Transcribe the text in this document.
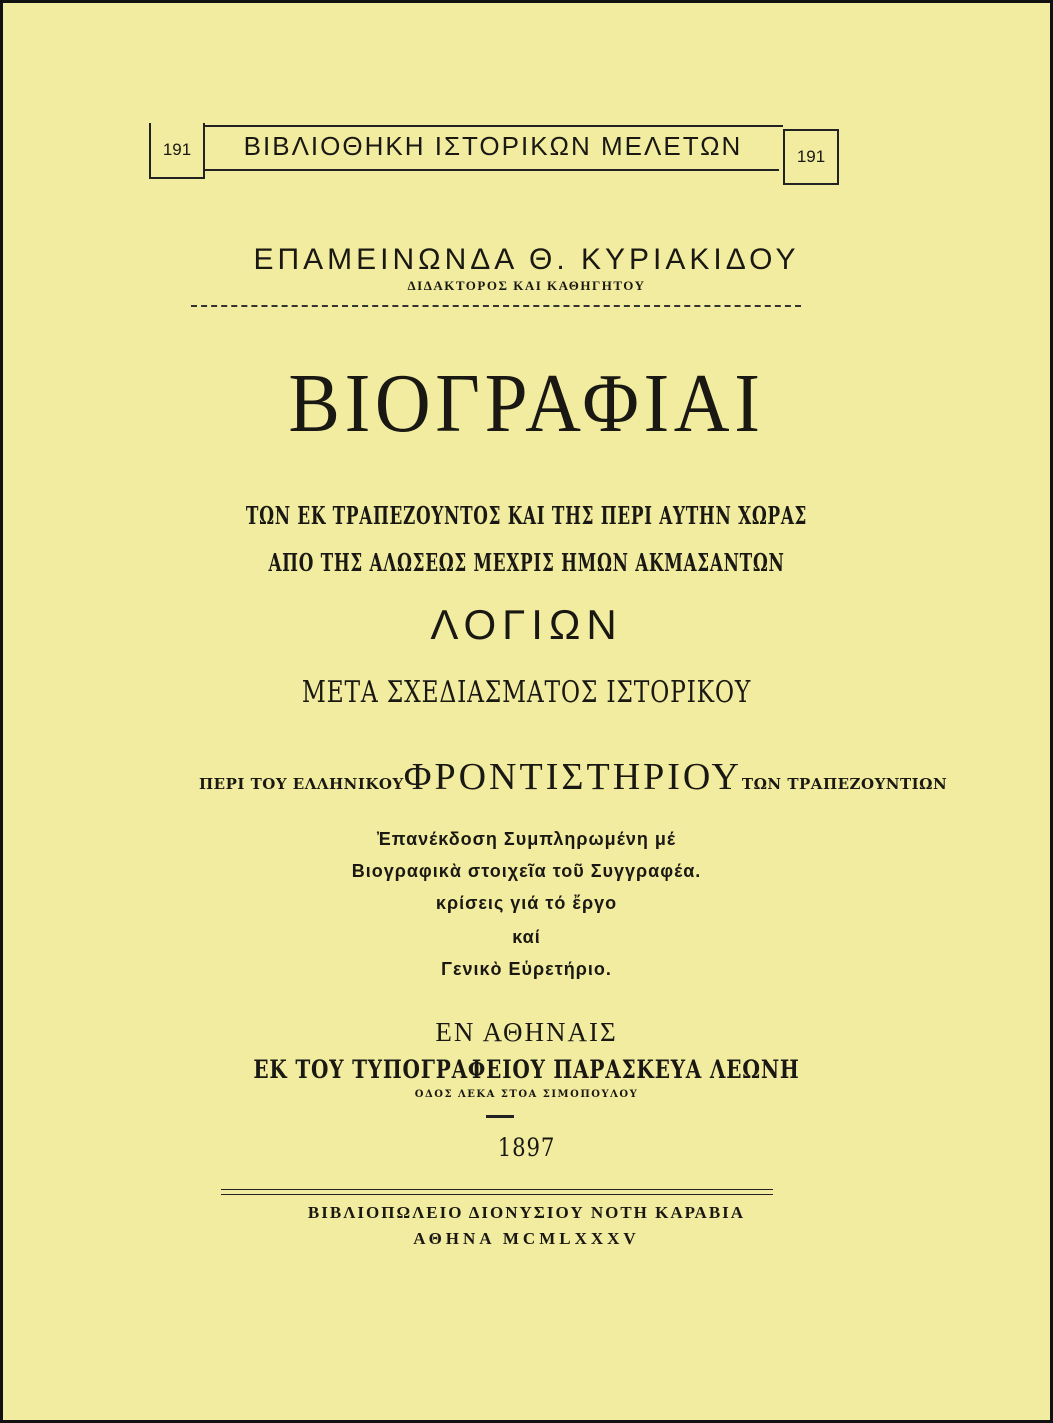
191	ΒΙΒΛΙΟΘΗΚΗ ΙΣΤΟΡΙΚΩΝ ΜΕΛΕΤΩΝ	191
ΕΠΑΜΕΙΝΩΝΔΑ Θ. ΚΥΡΙΑΚΙΔΟΥ
ΔΙΔΑΚΤΟΡΟΣ ΚΑΙ ΚΑΘΗΓΗΤΟΥ
ΒΙΟΓΡΑΦΙΑΙ
ΤΩΝ ΕΚ ΤΡΑΠΕΖΟΥΝΤΟΣ ΚΑΙ ΤΗΣ ΠΕΡΙ ΑΥΤΗΝ ΧΩΡΑΣ
ΑΠΟ ΤΗΣ ΑΛΩΣΕΩΣ ΜΕΧΡΙΣ ΗΜΩΝ ΑΚΜΑΣΑΝΤΩΝ
ΛΟΓΙΩΝ
ΜΕΤΑ ΣΧΕΔΙΑΣΜΑΤΟΣ ΙΣΤΟΡΙΚΟΥ
ΠΕΡΙ ΤΟΥ ΕΛΛΗΝΙΚΟΥ ΦΡΟΝΤΙΣΤΗΡΙΟΥ ΤΩΝ ΤΡΑΠΕΖΟΥΝΤΙΩΝ
Ἐπανέκδοση Συμπληρωμένη μέ
Βιογραφικὰ στοιχεῖα τοῦ Συγγραφέα.
κρίσεις γιά τό ἔργο
καί
Γενικὸ Εὑρετήριο.
ΕΝ ΑΘΗΝΑΙΣ
ΕΚ ΤΟΥ ΤΥΠΟΓΡΑΦΕΙΟΥ ΠΑΡΑΣΚΕΥΑ ΛΕΩΝΗ
ΟΔΟΣ ΛΕΚΑ ΣΤΟΑ ΣΙΜΟΠΟΥΛΟΥ
1897
ΒΙΒΛΙΟΠΩΛΕΙΟ ΔΙΟΝΥΣΙΟΥ ΝΟΤΗ ΚΑΡΑΒΙΑ
ΑΘΗΝΑ MCMLXXXV
